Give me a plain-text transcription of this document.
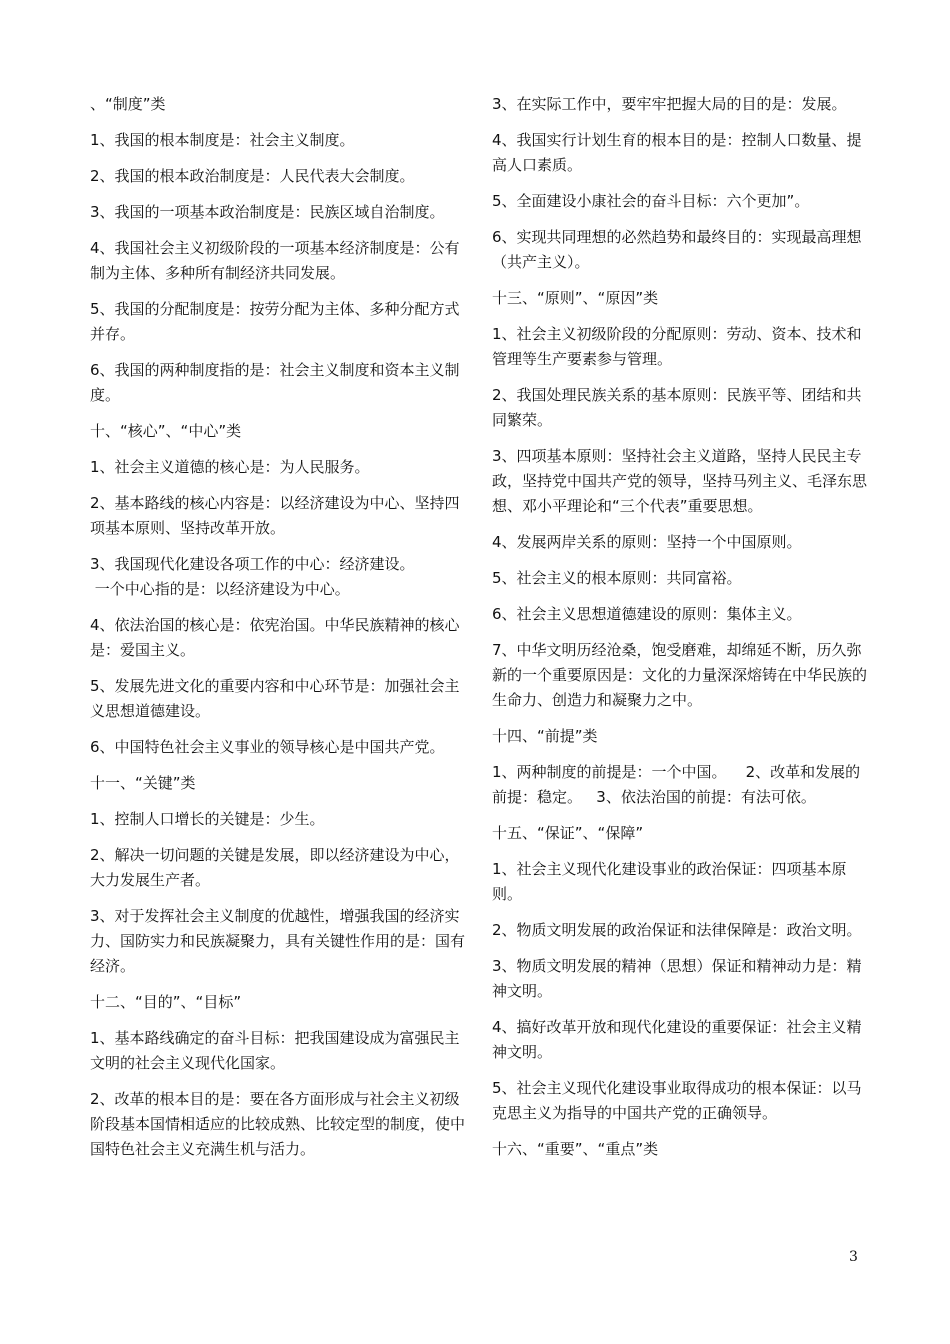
、“制度”类

1、我国的根本制度是：社会主义制度。

2、我国的根本政治制度是：人民代表大会制度。

3、我国的一项基本政治制度是：民族区域自治制度。

4、我国社会主义初级阶段的一项基本经济制度是：公有制为主体、多种所有制经济共同发展。

5、我国的分配制度是：按劳分配为主体、多种分配方式并存。

6、我国的两种制度指的是：社会主义制度和资本主义制度。

十、“核心”、“中心”类

1、社会主义道德的核心是：为人民服务。

2、基本路线的核心内容是：以经济建设为中心、坚持四项基本原则、坚持改革开放。

3、我国现代化建设各项工作的中心：经济建设。
一个中心指的是：以经济建设为中心。

4、依法治国的核心是：依宪治国。中华民族精神的核心是：爱国主义。

5、发展先进文化的重要内容和中心环节是：加强社会主义思想道德建设。

6、中国特色社会主义事业的领导核心是中国共产党。

十一、“关键”类

1、控制人口增长的关键是：少生。

2、解决一切问题的关键是发展，即以经济建设为中心，大力发展生产者。

3、对于发挥社会主义制度的优越性，增强我国的经济实力、国防实力和民族凝聚力，具有关键性作用的是：国有经济。

十二、“目的”、“目标”

1、基本路线确定的奋斗目标：把我国建设成为富强民主文明的社会主义现代化国家。

2、改革的根本目的是：要在各方面形成与社会主义初级阶段基本国情相适应的比较成熟、比较定型的制度，使中国特色社会主义充满生机与活力。

3、在实际工作中，要牢牢把握大局的目的是：发展。

4、我国实行计划生育的根本目的是：控制人口数量、提高人口素质。

5、全面建设小康社会的奋斗目标：六个更加”。

6、实现共同理想的必然趋势和最终目的：实现最高理想（共产主义）。

十三、“原则”、“原因”类

1、社会主义初级阶段的分配原则：劳动、资本、技术和管理等生产要素参与管理。

2、我国处理民族关系的基本原则：民族平等、团结和共同繁荣。

3、四项基本原则：坚持社会主义道路，坚持人民民主专政，坚持党中国共产党的领导，坚持马列主义、毛泽东思想、邓小平理论和“三个代表”重要思想。

4、发展两岸关系的原则：坚持一个中国原则。

5、社会主义的根本原则：共同富裕。

6、社会主义思想道德建设的原则：集体主义。

7、中华文明历经沧桑，饱受磨难，却绵延不断，历久弥新的一个重要原因是：文化的力量深深熔铸在中华民族的生命力、创造力和凝聚力之中。

十四、“前提”类

1、两种制度的前提是：一个中国。    2、改革和发展的前提：稳定。   3、依法治国的前提：有法可依。

十五、“保证”、“保障”

1、社会主义现代化建设事业的政治保证：四项基本原则。

2、物质文明发展的政治保证和法律保障是：政治文明。

3、物质文明发展的精神（思想）保证和精神动力是：精神文明。

4、搞好改革开放和现代化建设的重要保证：社会主义精神文明。

5、社会主义现代化建设事业取得成功的根本保证：以马克思主义为指导的中国共产党的正确领导。

十六、“重要”、“重点”类

3
